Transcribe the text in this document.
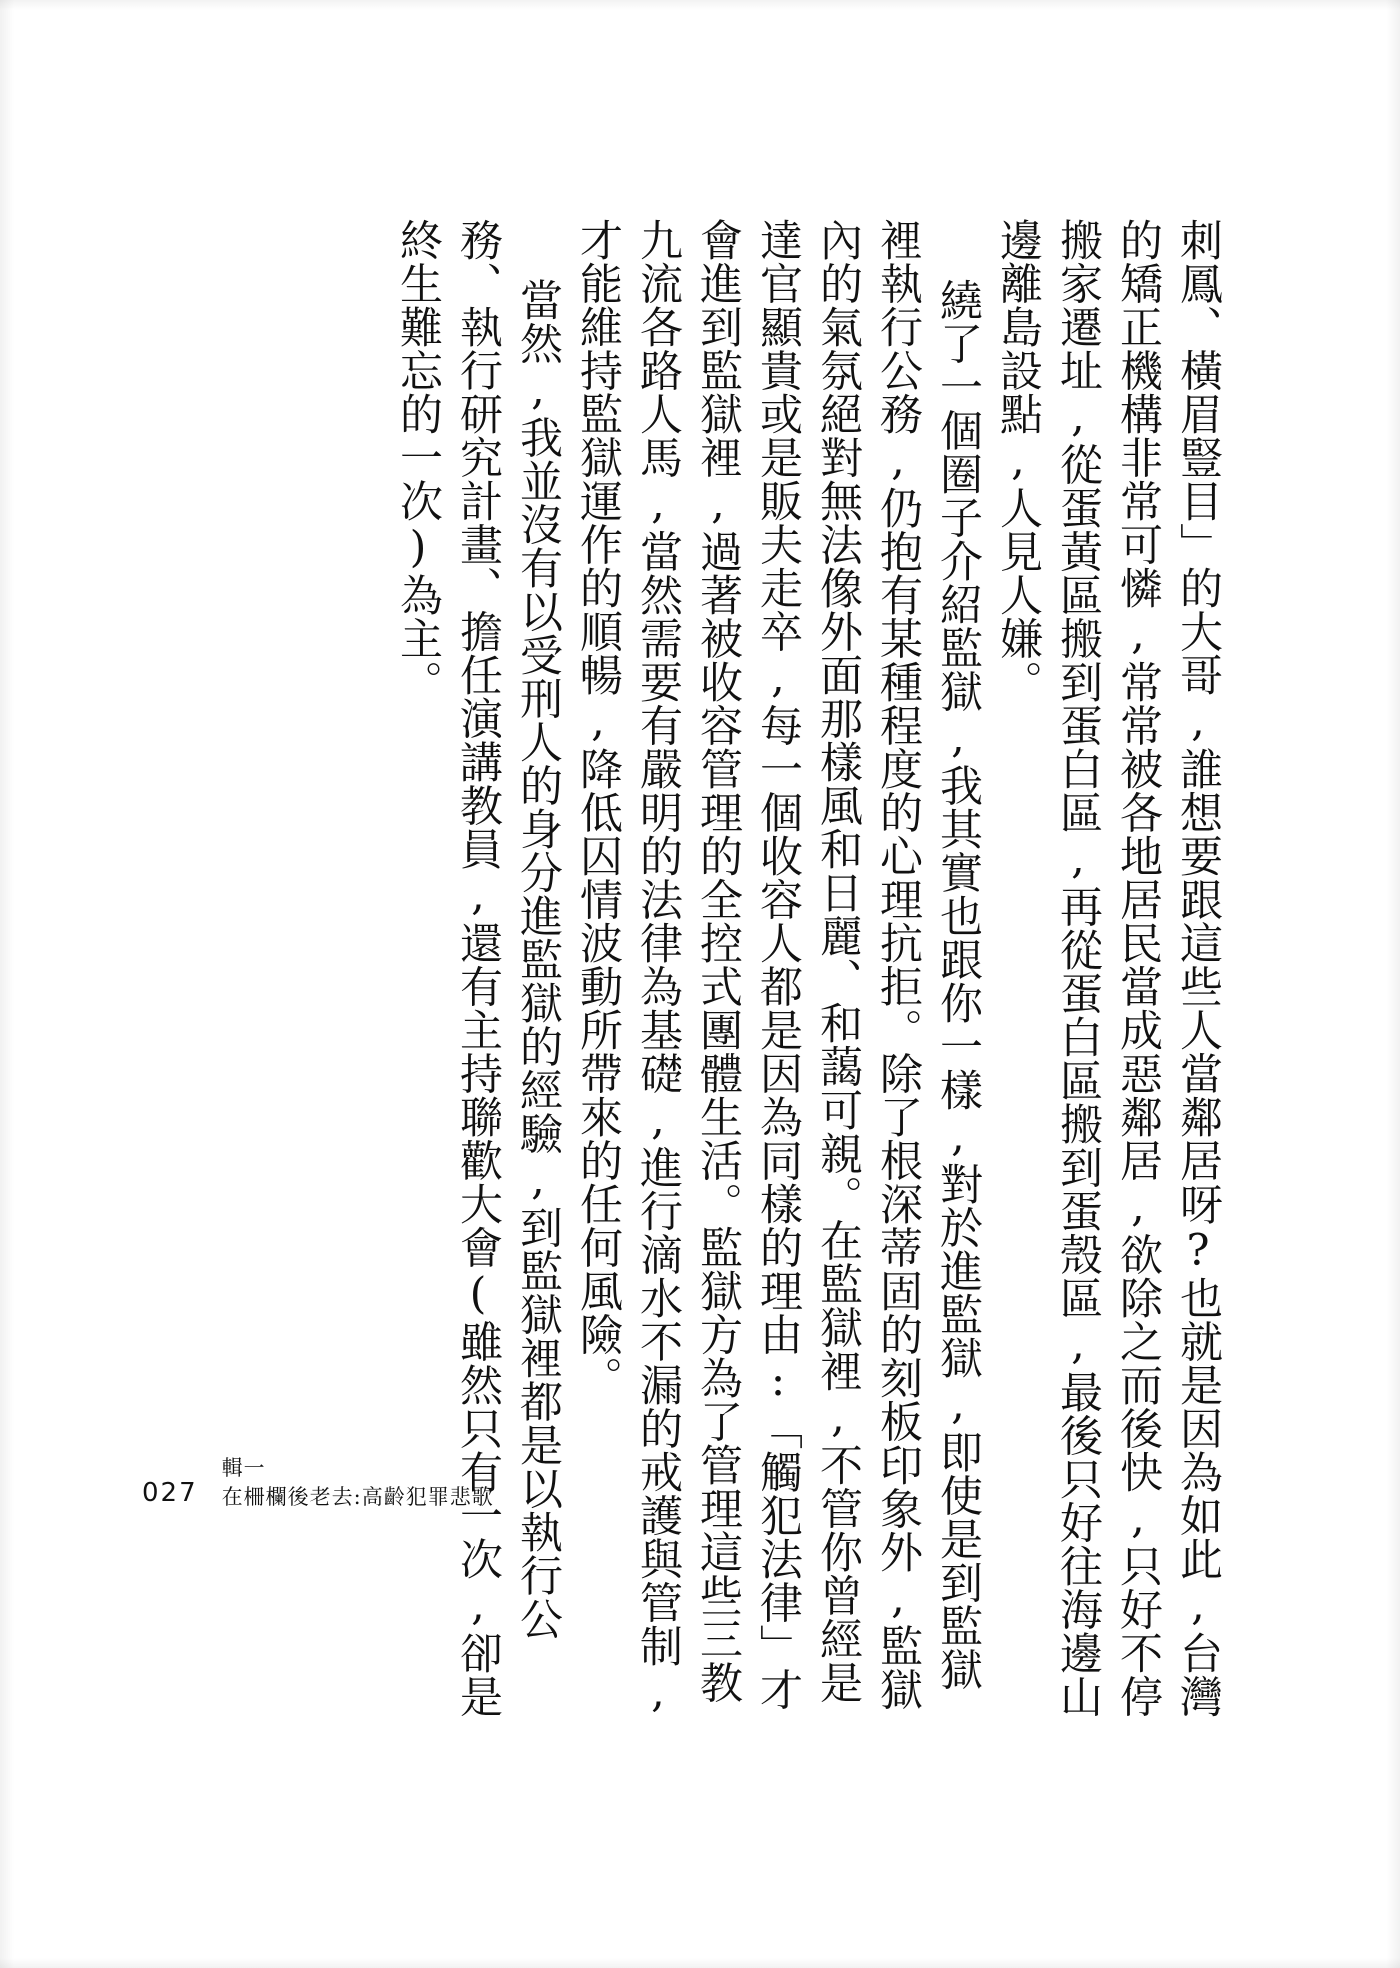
刺鳳、橫眉豎目」的大哥,誰想要跟這些人當鄰居呀?也就是因為如此,台灣
的矯正機構非常可憐,常常被各地居民當成惡鄰居,欲除之而後快,只好不停
搬家遷址,從蛋黃區搬到蛋白區,再從蛋白區搬到蛋殼區,最後只好往海邊山
邊離島設點,人見人嫌。
繞了一個圈子介紹監獄,我其實也跟你一樣,對於進監獄,即使是到監獄
裡執行公務,仍抱有某種程度的心理抗拒。除了根深蒂固的刻板印象外,監獄
內的氣氛絕對無法像外面那樣風和日麗、和藹可親。在監獄裡,不管你曾經是
達官顯貴或是販夫走卒,每一個收容人都是因為同樣的理由:「觸犯法律」才
會進到監獄裡,過著被收容管理的全控式團體生活。監獄方為了管理這些三教
九流各路人馬,當然需要有嚴明的法律為基礎,進行滴水不漏的戒護與管制,
才能維持監獄運作的順暢,降低囚情波動所帶來的任何風險。
當然,我並沒有以受刑人的身分進監獄的經驗,到監獄裡都是以執行公
務、執行研究計畫、擔任演講教員,還有主持聯歡大會(雖然只有一次,卻是
終生難忘的一次)為主。
027
輯一
在柵欄後老去:高齡犯罪悲歌
